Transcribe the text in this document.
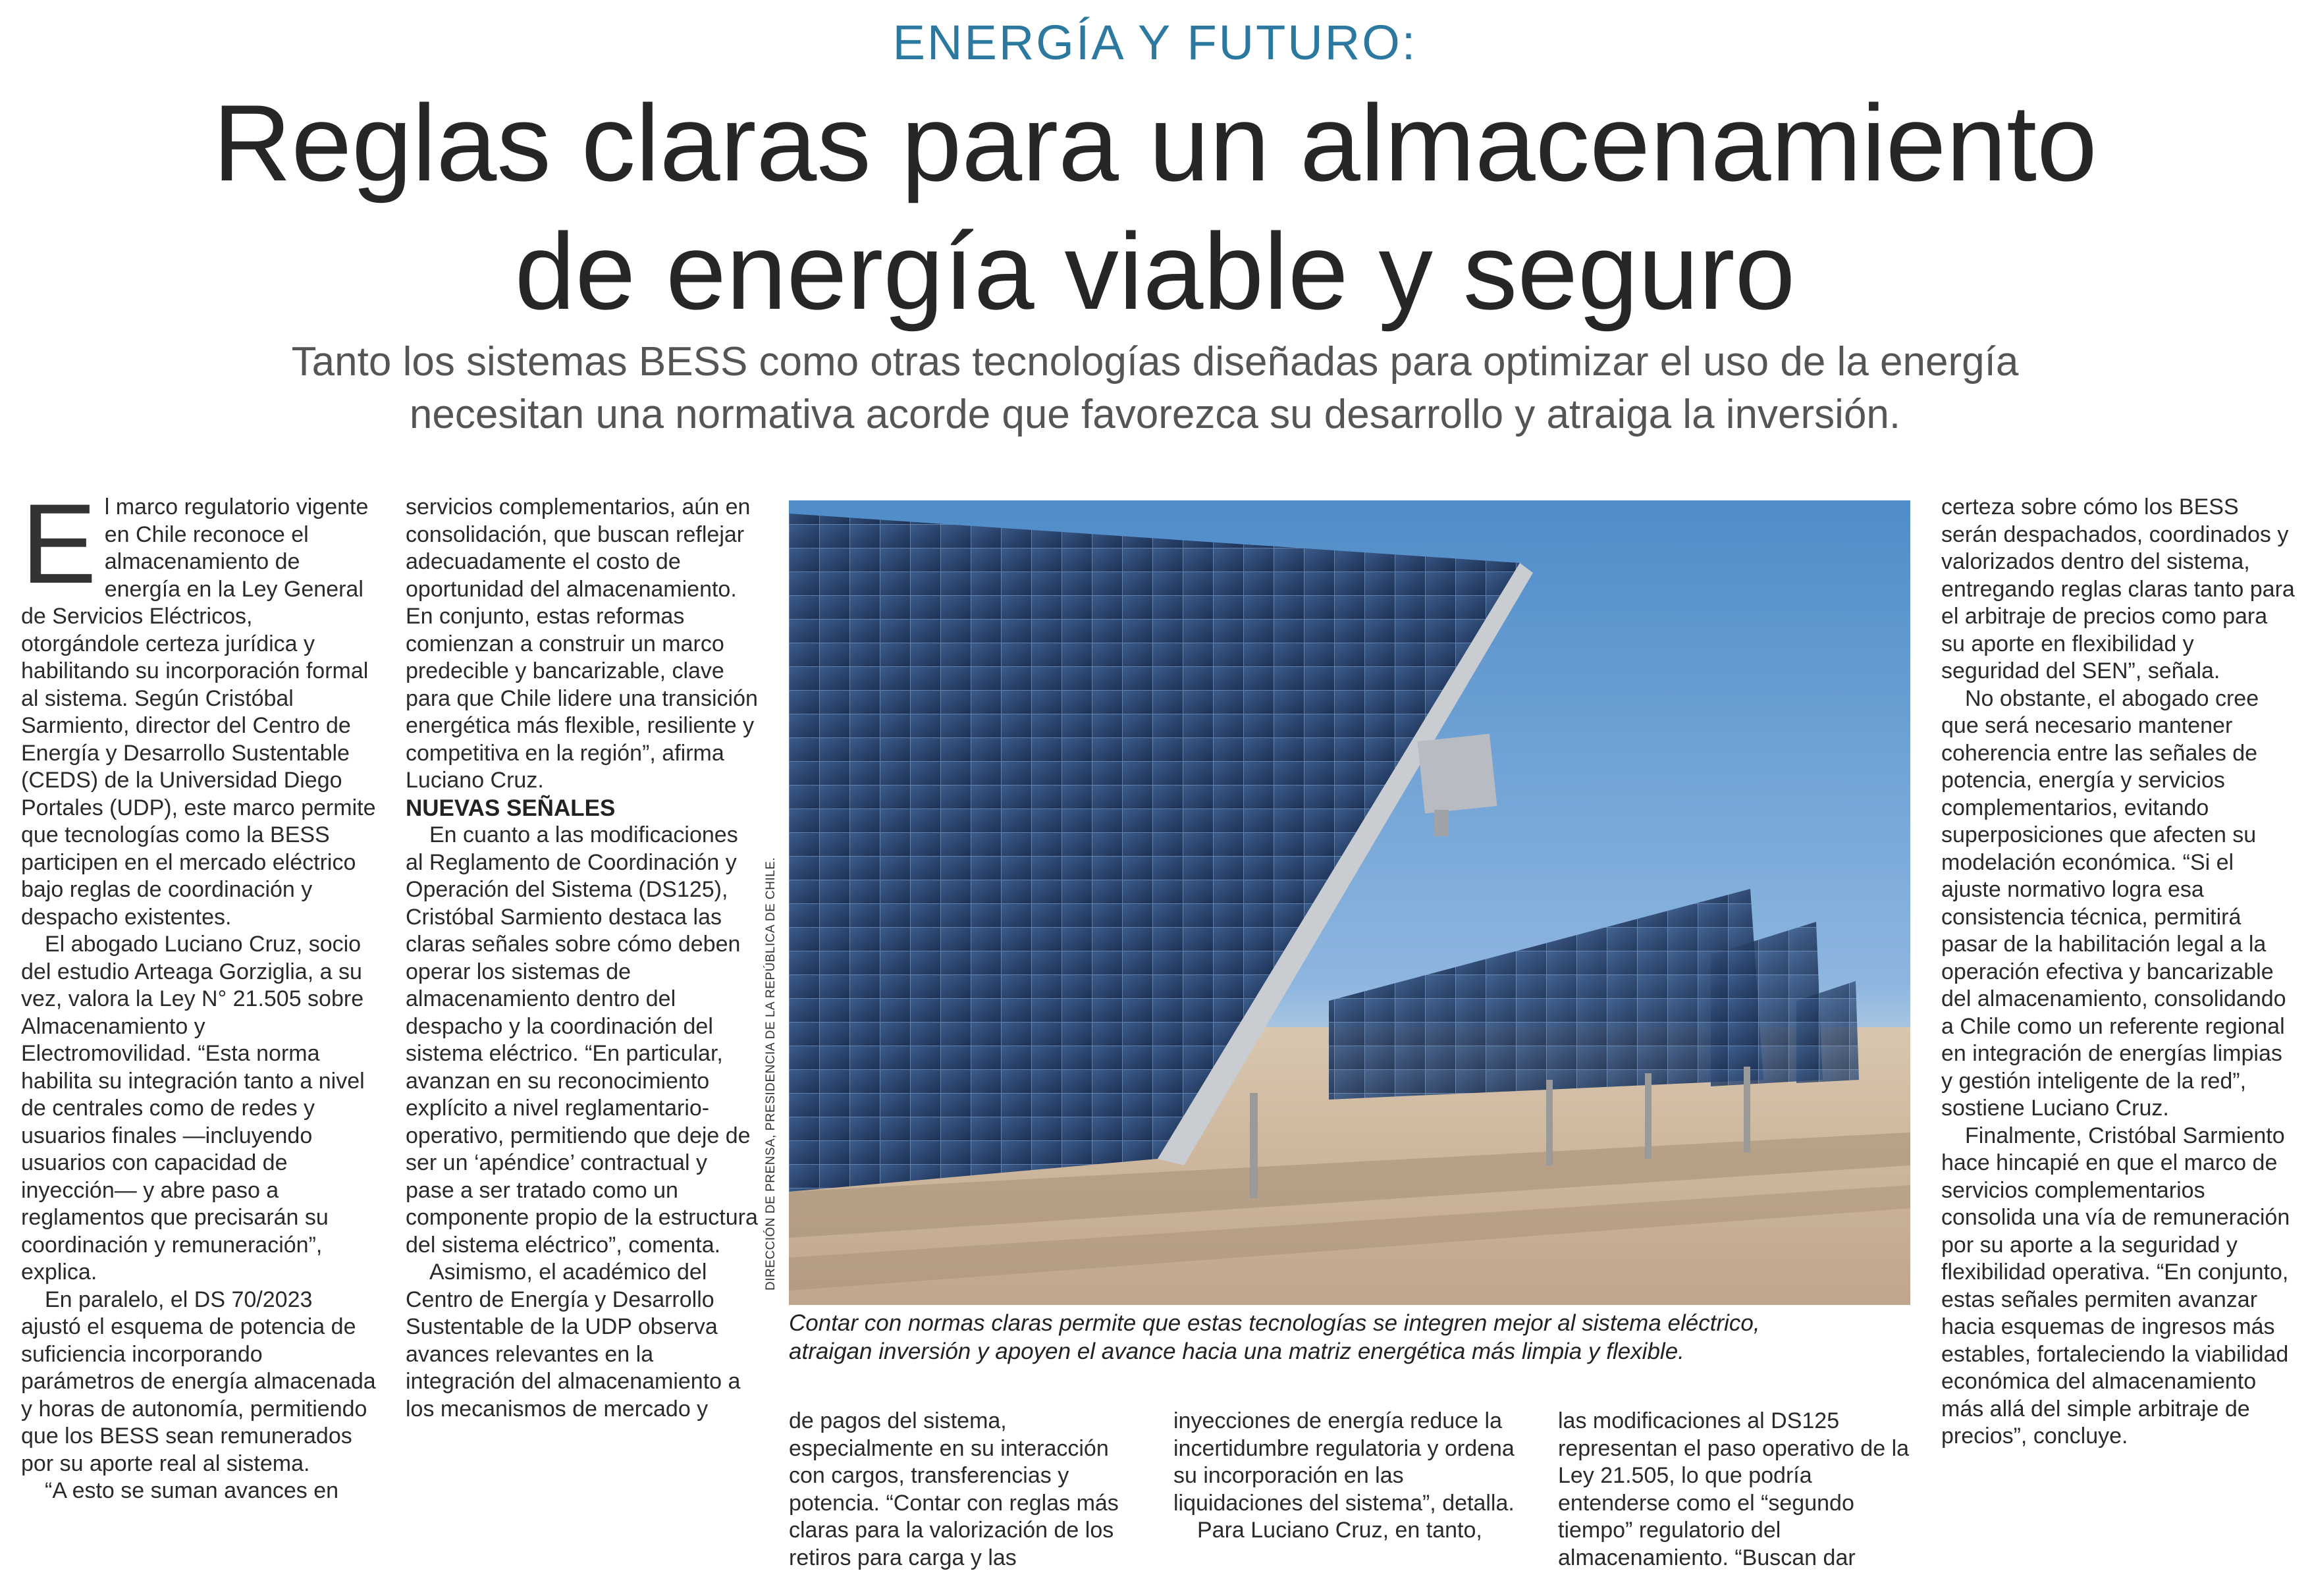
ENERGÍA Y FUTURO:
Reglas claras para un almacenamiento
de energía viable y seguro
Tanto los sistemas BESS como otras tecnologías diseñadas para optimizar el uso de la energía
necesitan una normativa acorde que favorezca su desarrollo y atraiga la inversión.
E l marco regulatorio vigente en Chile reconoce el almacenamiento de energía en la Ley General de Servicios Eléctricos, otorgándole certeza jurídica y habilitando su incorporación formal al sistema. Según Cristóbal Sarmiento, director del Centro de Energía y Desarrollo Sustentable (CEDS) de la Universidad Diego Portales (UDP), este marco permite que tecnologías como la BESS participen en el mercado eléctrico bajo reglas de coordinación y despacho existentes.

El abogado Luciano Cruz, socio del estudio Arteaga Gorziglia, a su vez, valora la Ley N° 21.505 sobre Almacenamiento y Electromovilidad. “Esta norma habilita su integración tanto a nivel de centrales como de redes y usuarios finales —incluyendo usuarios con capacidad de inyección— y abre paso a reglamentos que precisarán su coordinación y remuneración”, explica.

En paralelo, el DS 70/2023 ajustó el esquema de potencia de suficiencia incorporando parámetros de energía almacenada y horas de autonomía, permitiendo que los BESS sean remunerados por su aporte real al sistema.

“A esto se suman avances en

servicios complementarios, aún en consolidación, que buscan reflejar adecuadamente el costo de oportunidad del almacenamiento. En conjunto, estas reformas comienzan a construir un marco predecible y bancarizable, clave para que Chile lidere una transición energética más flexible, resiliente y competitiva en la región”, afirma Luciano Cruz.

NUEVAS SEÑALES

En cuanto a las modificaciones al Reglamento de Coordinación y Operación del Sistema (DS125), Cristóbal Sarmiento destaca las claras señales sobre cómo deben operar los sistemas de almacenamiento dentro del despacho y la coordinación del sistema eléctrico. “En particular, avanzan en su reconocimiento explícito a nivel reglamentario-operativo, permitiendo que deje de ser un ‘apéndice’ contractual y pase a ser tratado como un componente propio de la estructura del sistema eléctrico”, comenta.

Asimismo, el académico del Centro de Energía y Desarrollo Sustentable de la UDP observa avances relevantes en la integración del almacenamiento a los mecanismos de mercado y

DIRECCIÓN DE PRENSA, PRESIDENCIA DE LA REPÚBLICA DE CHILE.
Contar con normas claras permite que estas tecnologías se integren mejor al sistema eléctrico,
atraigan inversión y apoyen el avance hacia una matriz energética más limpia y flexible.

de pagos del sistema, especialmente en su interacción con cargos, transferencias y potencia. “Contar con reglas más claras para la valorización de los retiros para carga y las

inyecciones de energía reduce la incertidumbre regulatoria y ordena su incorporación en las liquidaciones del sistema”, detalla.

Para Luciano Cruz, en tanto,

las modificaciones al DS125 representan el paso operativo de la Ley 21.505, lo que podría entenderse como el “segundo tiempo” regulatorio del almacenamiento. “Buscan dar

certeza sobre cómo los BESS serán despachados, coordinados y valorizados dentro del sistema, entregando reglas claras tanto para el arbitraje de precios como para su aporte en flexibilidad y seguridad del SEN”, señala.

No obstante, el abogado cree que será necesario mantener coherencia entre las señales de potencia, energía y servicios complementarios, evitando superposiciones que afecten su modelación económica. “Si el ajuste normativo logra esa consistencia técnica, permitirá pasar de la habilitación legal a la operación efectiva y bancarizable del almacenamiento, consolidando a Chile como un referente regional en integración de energías limpias y gestión inteligente de la red”, sostiene Luciano Cruz.

Finalmente, Cristóbal Sarmiento hace hincapié en que el marco de servicios complementarios consolida una vía de remuneración por su aporte a la seguridad y flexibilidad operativa. “En conjunto, estas señales permiten avanzar hacia esquemas de ingresos más estables, fortaleciendo la viabilidad económica del almacenamiento más allá del simple arbitraje de precios”, concluye.
